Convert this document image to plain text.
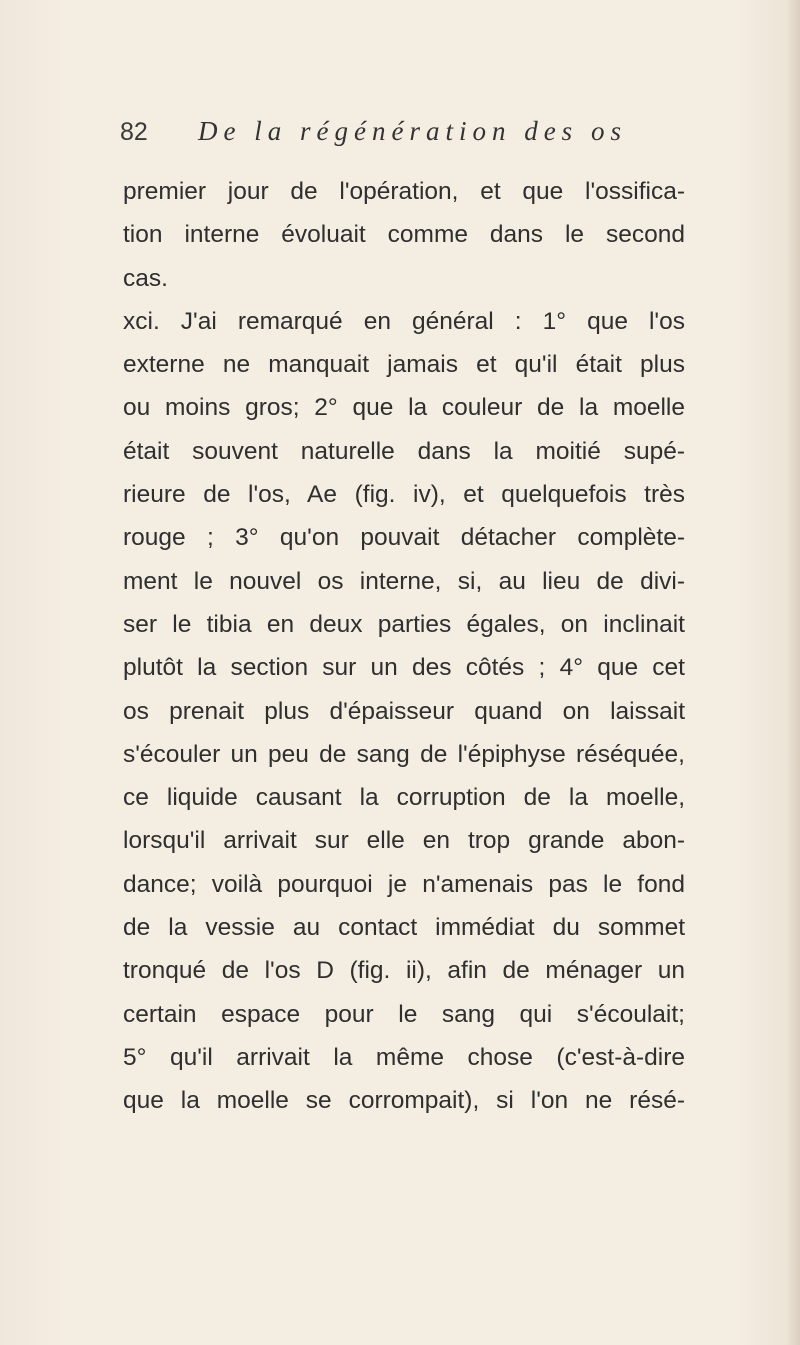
82 De la régénération des os
premier jour de l'opération, et que l'ossifica-
tion interne évoluait comme dans le second
cas.
xci. J'ai remarqué en général : 1° que l'os
externe ne manquait jamais et qu'il était plus
ou moins gros; 2° que la couleur de la moelle
était souvent naturelle dans la moitié supé-
rieure de l'os, Ae (fig. iv), et quelquefois très
rouge ; 3° qu'on pouvait détacher complète-
ment le nouvel os interne, si, au lieu de divi-
ser le tibia en deux parties égales, on inclinait
plutôt la section sur un des côtés ; 4° que cet
os prenait plus d'épaisseur quand on laissait
s'écouler un peu de sang de l'épiphyse réséquée,
ce liquide causant la corruption de la moelle,
lorsqu'il arrivait sur elle en trop grande abon-
dance; voilà pourquoi je n'amenais pas le fond
de la vessie au contact immédiat du sommet
tronqué de l'os D (fig. ii), afin de ménager un
certain espace pour le sang qui s'écoulait;
5° qu'il arrivait la même chose (c'est-à-dire
que la moelle se corrompait), si l'on ne résé-
